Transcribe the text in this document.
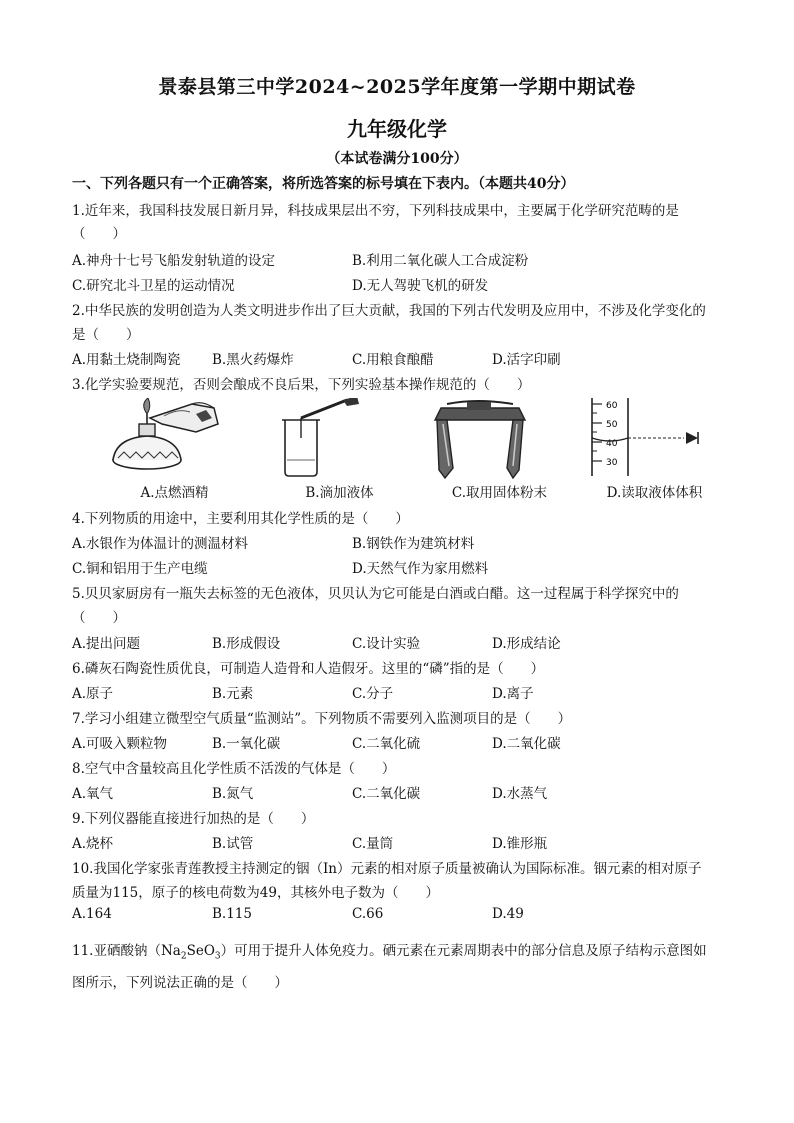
景泰县第三中学2024~2025学年度第一学期中期试卷
九年级化学
（本试卷满分100分）
一、下列各题只有一个正确答案，将所选答案的标号填在下表内。（本题共40分）
1.近年来，我国科技发展日新月异，科技成果层出不穷，下列科技成果中，主要属于化学研究范畴的是
（　　）
A.神舟十七号飞船发射轨道的设定	B.利用二氧化碳人工合成淀粉
C.研究北斗卫星的运动情况	D.无人驾驶飞机的研发
2.中华民族的发明创造为人类文明进步作出了巨大贡献，我国的下列古代发明及应用中，不涉及化学变化的
是（　　）
A.用黏土烧制陶瓷 B.黑火药爆炸	C.用粮食酿醋	D.活字印刷
3.化学实验要规范，否则会酿成不良后果，下列实验基本操作规范的（　　）
A.点燃酒精	B.滴加液体	C.取用固体粉末
60
50
40
30
D.读取液体体积
4.下列物质的用途中，主要利用其化学性质的是（　　）
A.水银作为体温计的测温材料	B.钢铁作为建筑材料
C.铜和铝用于生产电缆	D.天然气作为家用燃料
5.贝贝家厨房有一瓶失去标签的无色液体，贝贝认为它可能是白酒或白醋。这一过程属于科学探究中的
（　　）
A.提出问题	B.形成假设	C.设计实验	D.形成结论
6.磷灰石陶瓷性质优良，可制造人造骨和人造假牙。这里的“磷”指的是（　　）
A.原子	B.元素	C.分子	D.离子
7.学习小组建立微型空气质量“监测站”。下列物质不需要列入监测项目的是（　　）
A.可吸入颗粒物	B.一氧化碳	C.二氧化硫	D.二氧化碳
8.空气中含量较高且化学性质不活泼的气体是（　　）
A.氧气	B.氮气	C.二氧化碳	D.水蒸气
9.下列仪器能直接进行加热的是（　　）
A.烧杯	B.试管	C.量筒	D.锥形瓶
10.我国化学家张青莲教授主持测定的铟（In）元素的相对原子质量被确认为国际标准。铟元素的相对原子
质量为115，原子的核电荷数为49，其核外电子数为（　　）
A.164	B.115	C.66	D.49
11.亚硒酸钠$(Na_2SeO_3)$可用于提升人体免疫力。硒元素在元素周期表中的部分信息及原子结构示意图如
图所示，下列说法正确的是（　　）
